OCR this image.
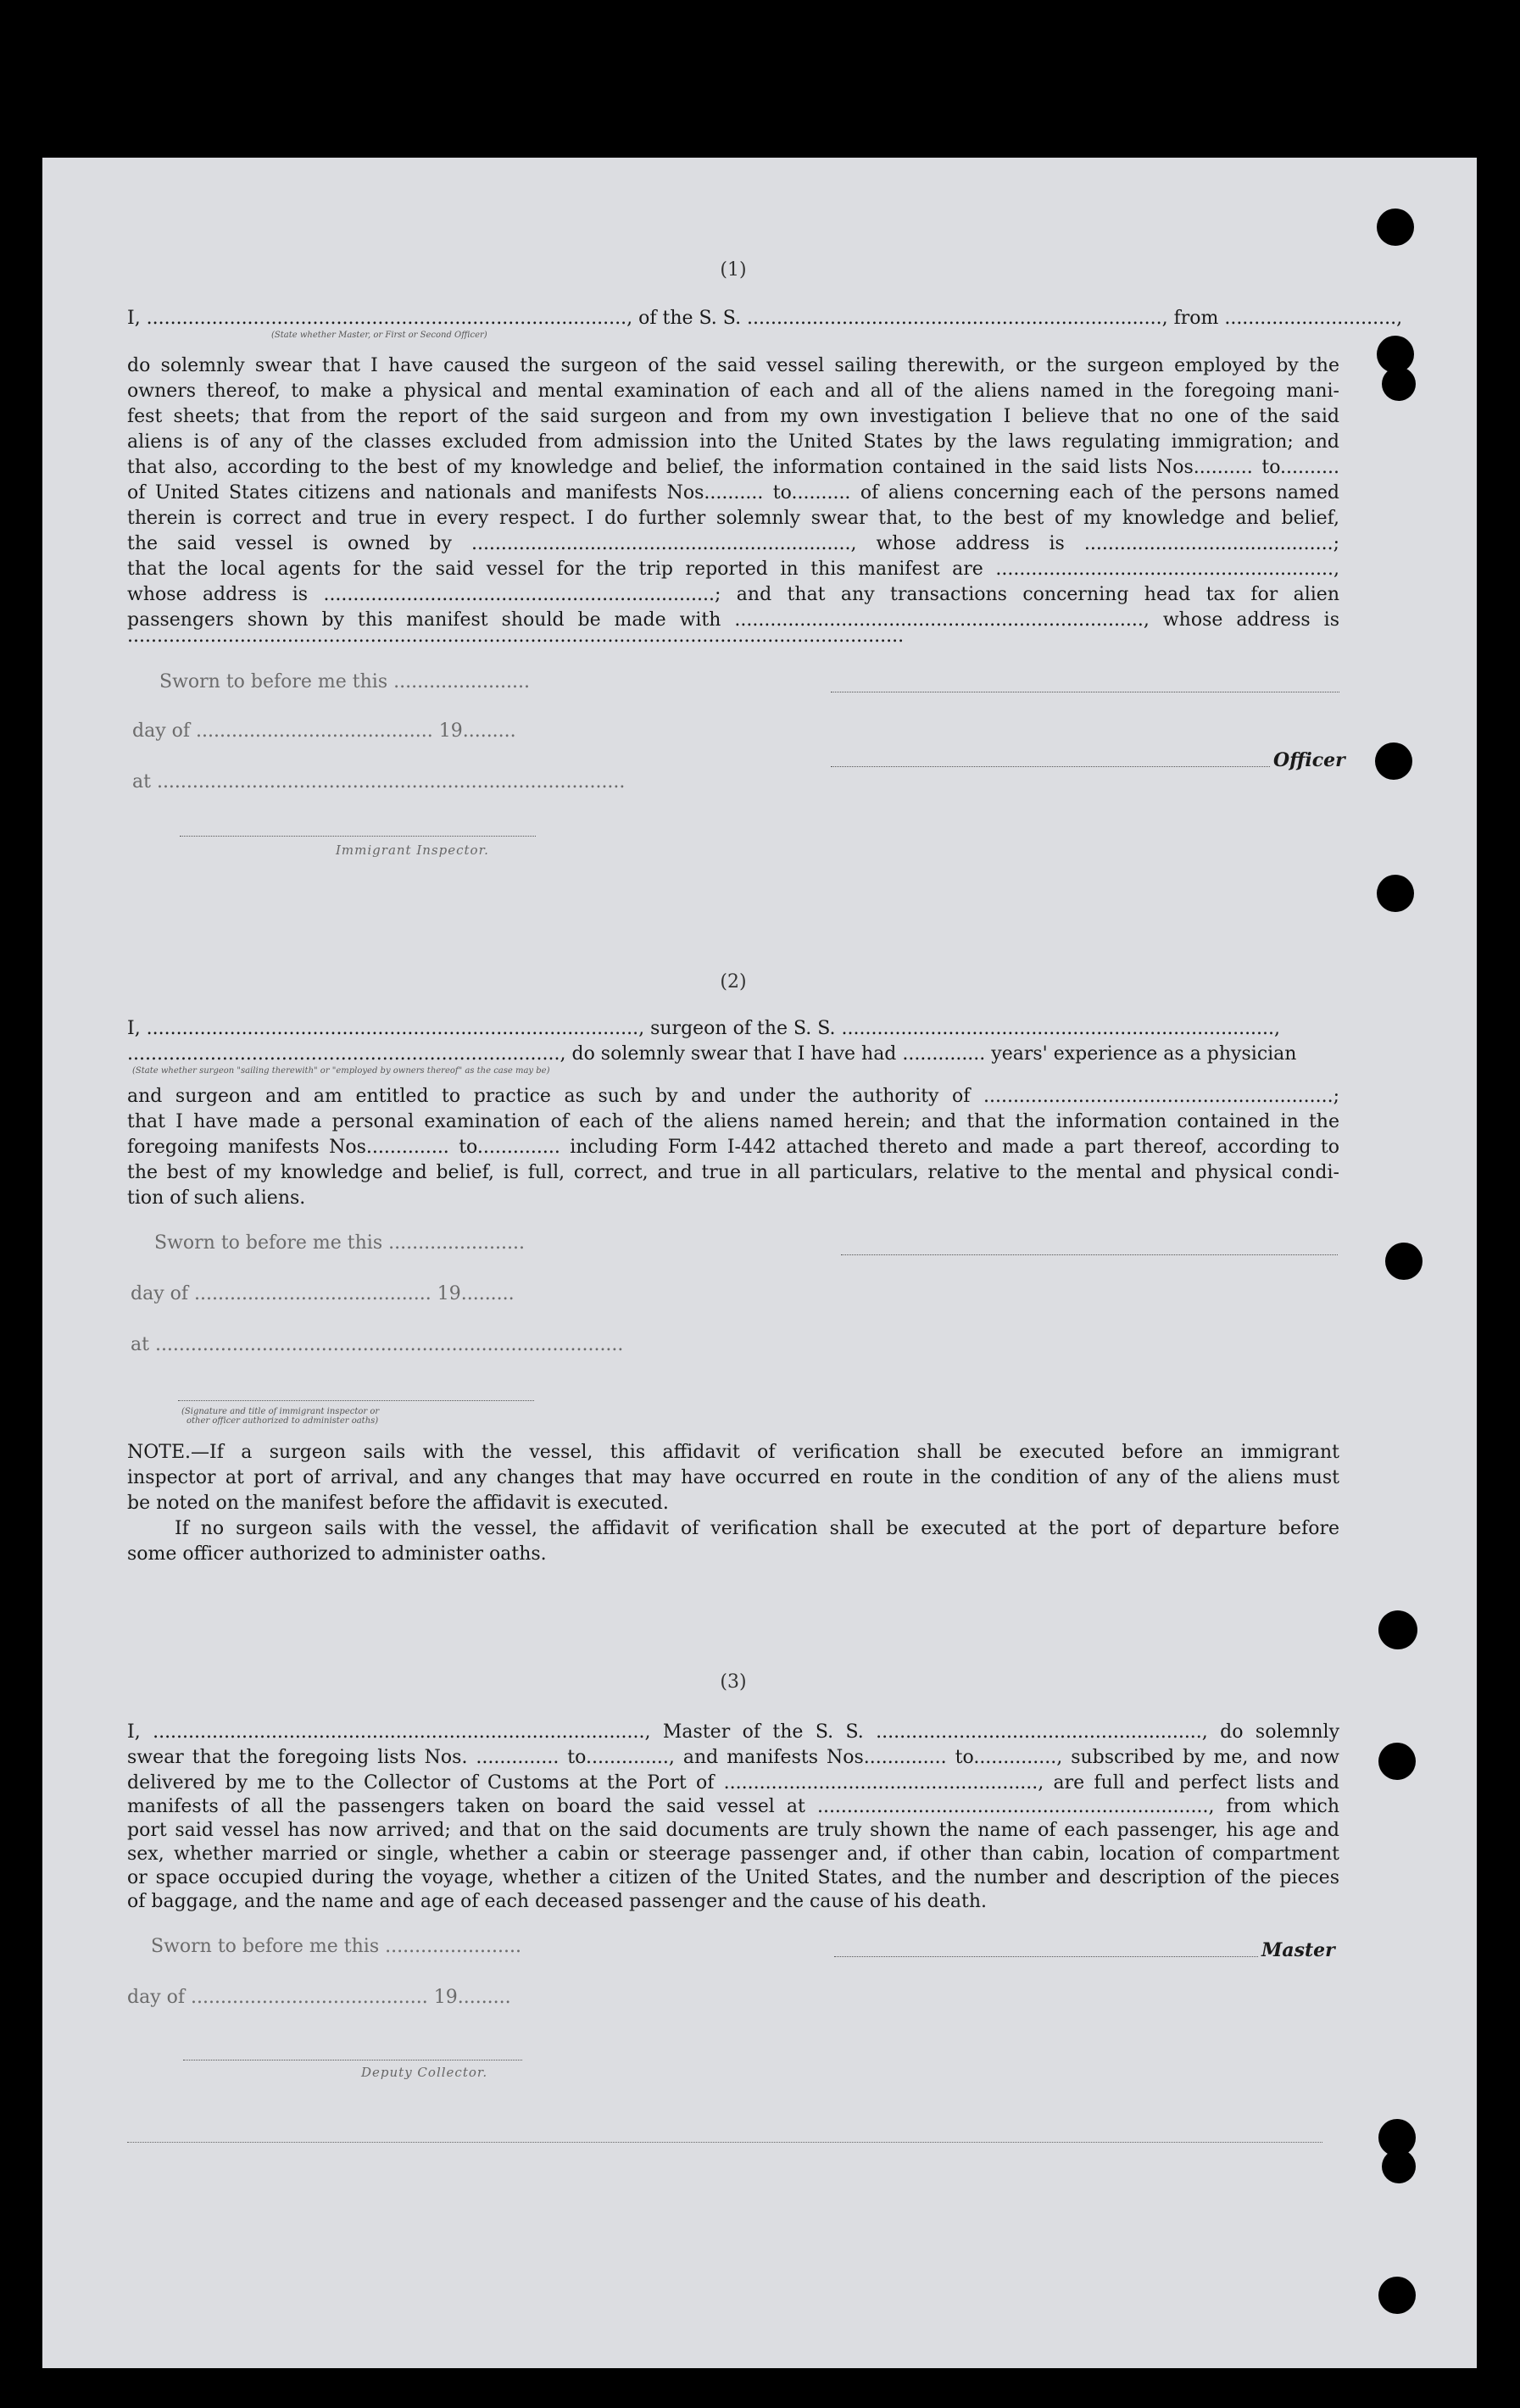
(1)
I, ................................................................................., of the S. S. ......................................................................, from .............................,
(State whether Master, or First or Second Officer)
do solemnly swear that I have caused the surgeon of the said vessel sailing therewith, or the surgeon employed by the
owners thereof, to make a physical and mental examination of each and all of the aliens named in the foregoing mani-
fest sheets; that from the report of the said surgeon and from my own investigation I believe that no one of the said
aliens is of any of the classes excluded from admission into the United States by the laws regulating immigration; and
that also, according to the best of my knowledge and belief, the information contained in the said lists Nos.......... to..........
of United States citizens and nationals and manifests Nos.......... to.......... of aliens concerning each of the persons named
therein is correct and true in every respect. I do further solemnly swear that, to the best of my knowledge and belief,
the said vessel is owned by ................................................................, whose address is ..........................................;
that the local agents for the said vessel for the trip reported in this manifest are .........................................................,
whose address is ..................................................................; and that any transactions concerning head tax for alien
passengers shown by this manifest should be made with ....................................................................., whose address is
...................................................................................................................................
Sworn to before me this .......................
day of ........................................ 19.........
at ...............................................................................
Immigrant Inspector.
Officer
(2)
I, ..................................................................................., surgeon of the S. S. .........................................................................,
........................................................................., do solemnly swear that I have had .............. years' experience as a physician
(State whether surgeon "sailing therewith" or "employed by owners thereof" as the case may be)
and surgeon and am entitled to practice as such by and under the authority of ...........................................................;
that I have made a personal examination of each of the aliens named herein; and that the information contained in the
foregoing manifests Nos.............. to.............. including Form I-442 attached thereto and made a part thereof, according to
the best of my knowledge and belief, is full, correct, and true in all particulars, relative to the mental and physical condi-
tion of such aliens.
Sworn to before me this .......................
day of ........................................ 19.........
at ...............................................................................
(Signature and title of immigrant inspector or
other officer authorized to administer oaths)
NOTE.—If a surgeon sails with the vessel, this affidavit of verification shall be executed before an immigrant
inspector at port of arrival, and any changes that may have occurred en route in the condition of any of the aliens must
be noted on the manifest before the affidavit is executed.
If no surgeon sails with the vessel, the affidavit of verification shall be executed at the port of departure before
some officer authorized to administer oaths.
(3)
I, ..................................................................................., Master of the S. S. ......................................................., do solemnly
swear that the foregoing lists Nos. .............. to.............., and manifests Nos.............. to.............., subscribed by me, and now
delivered by me to the Collector of Customs at the Port of ....................................................., are full and perfect lists and
manifests of all the passengers taken on board the said vessel at .................................................................., from which
port said vessel has now arrived; and that on the said documents are truly shown the name of each passenger, his age and
sex, whether married or single, whether a cabin or steerage passenger and, if other than cabin, location of compartment
or space occupied during the voyage, whether a citizen of the United States, and the number and description of the pieces
of baggage, and the name and age of each deceased passenger and the cause of his death.
Sworn to before me this .......................
day of ........................................ 19.........
Deputy Collector.
Master
